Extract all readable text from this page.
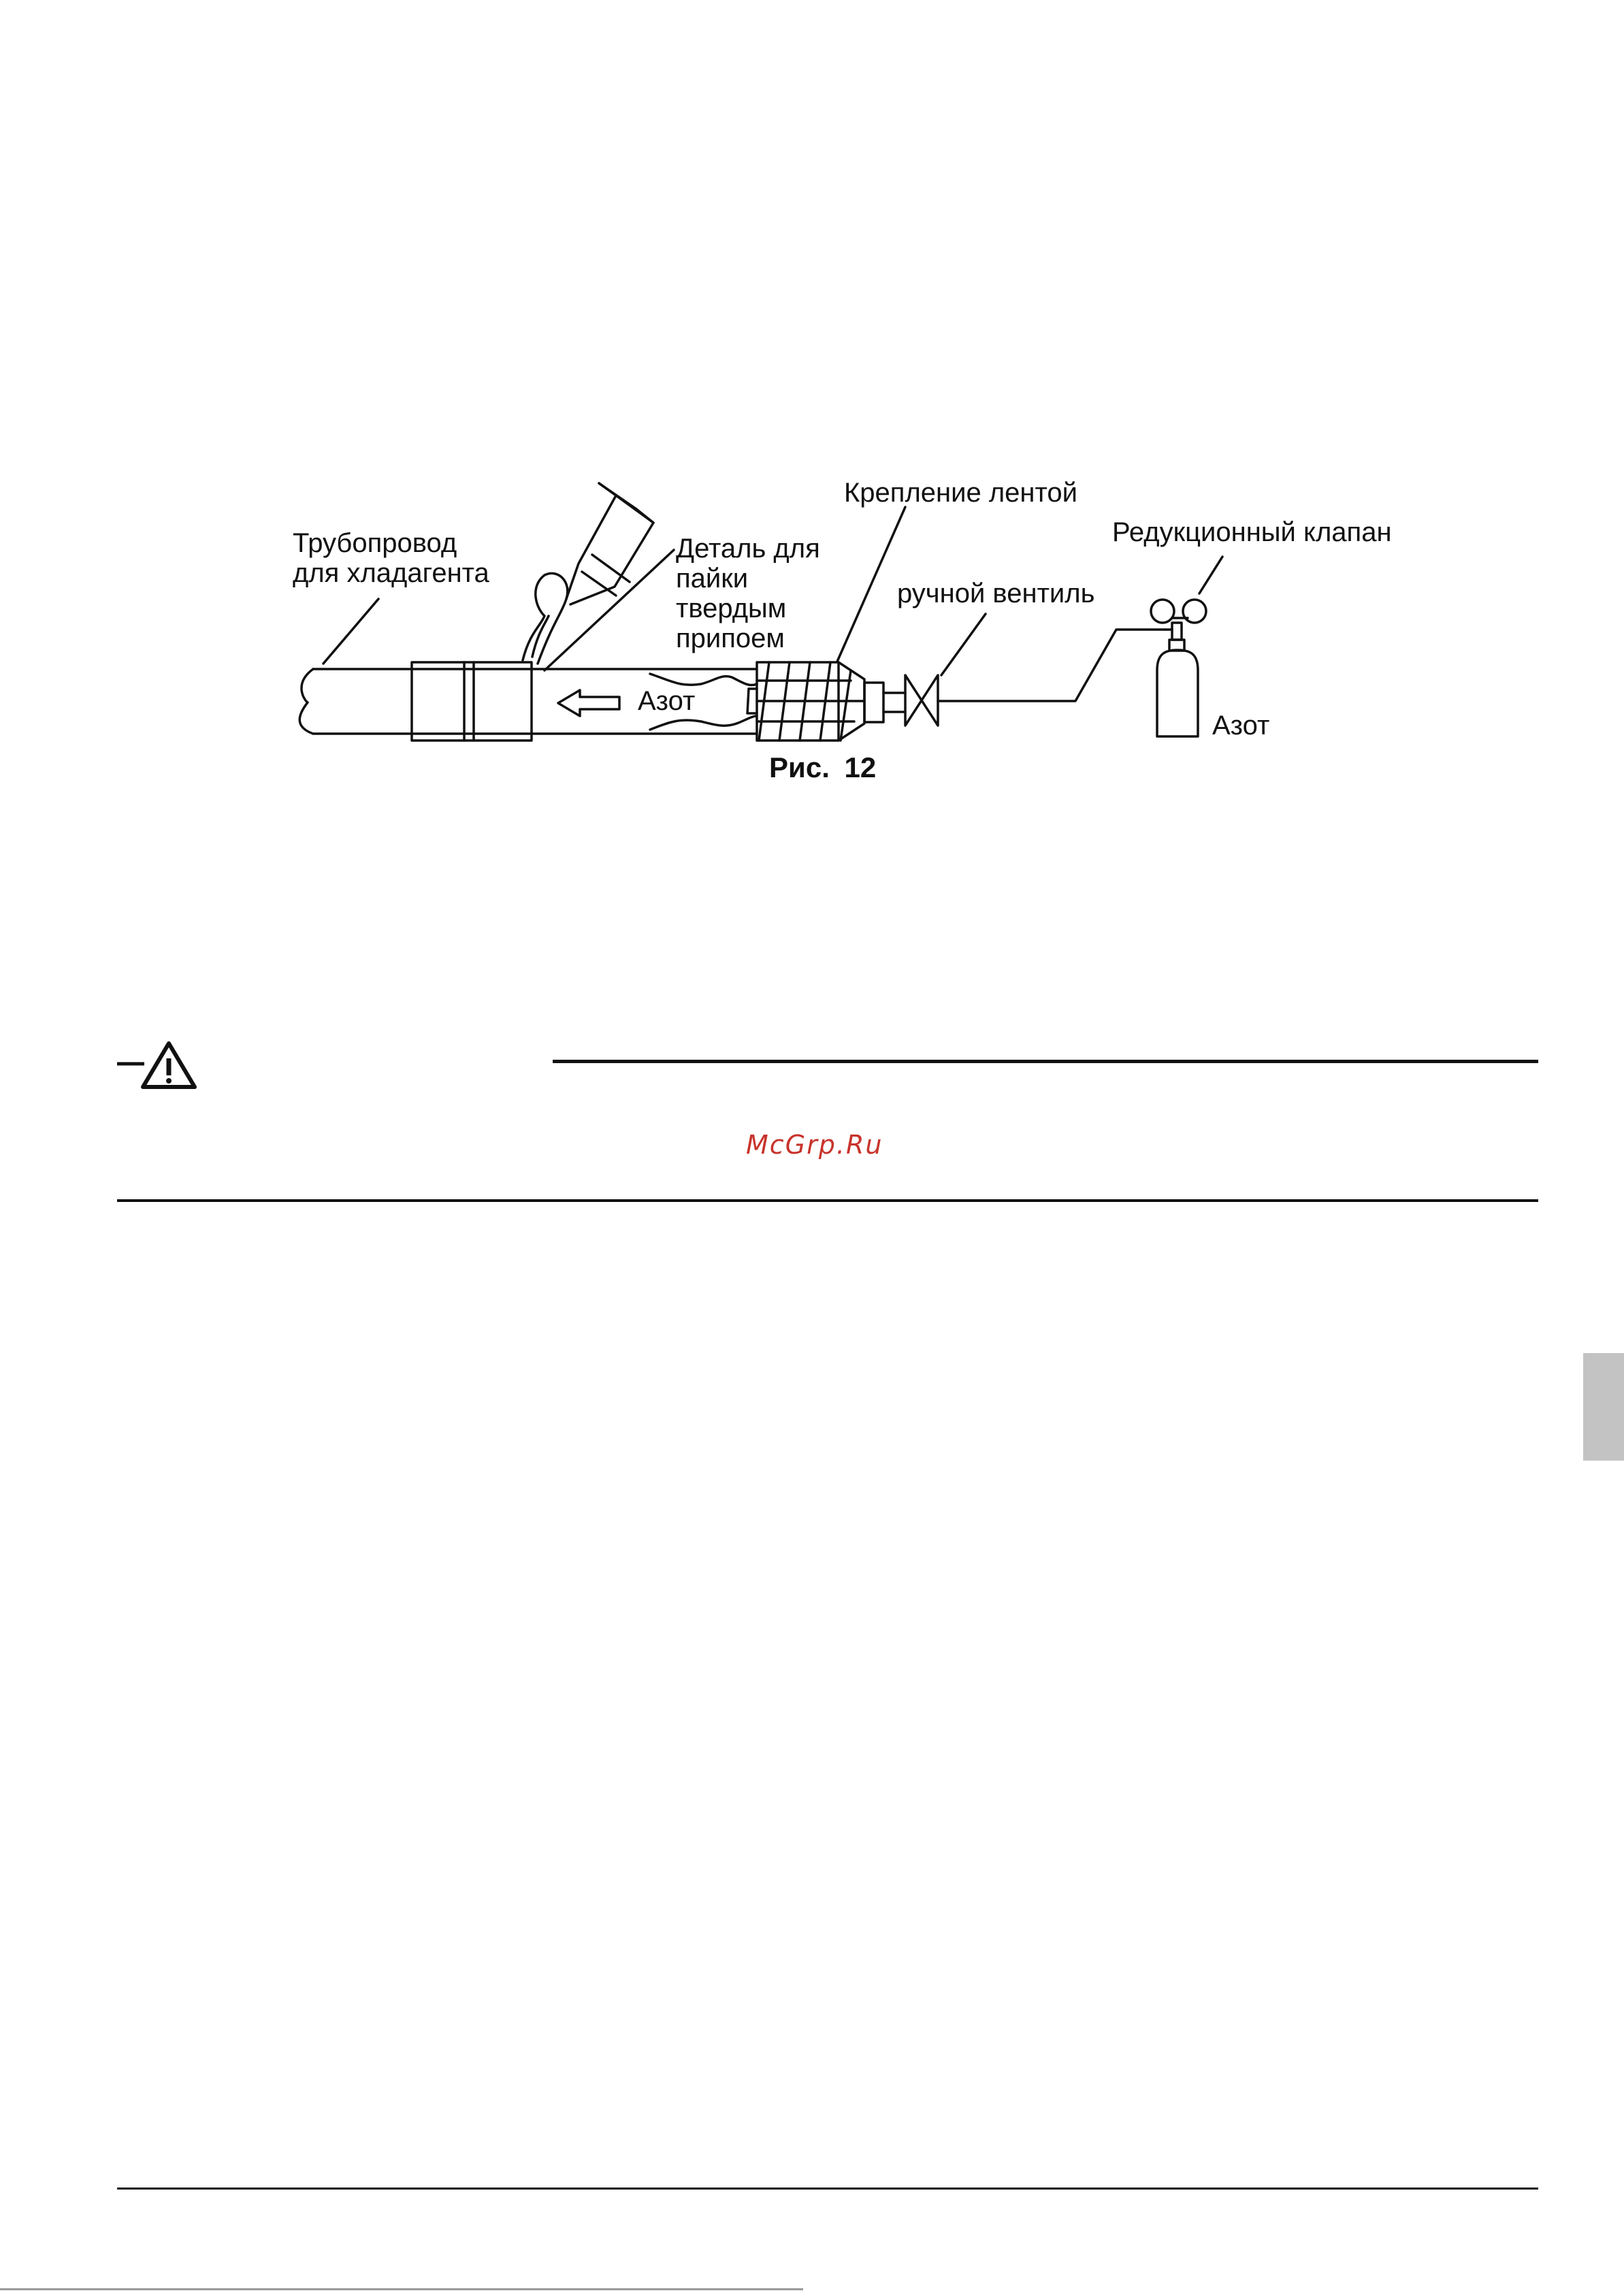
Трубопровод
для хладагента
Деталь для
пайки
твердым
припоем
Крепление лентой
Редукционный клапан
ручной вентиль
Азот
Азот
Рис. 12
McGrp.Ru
